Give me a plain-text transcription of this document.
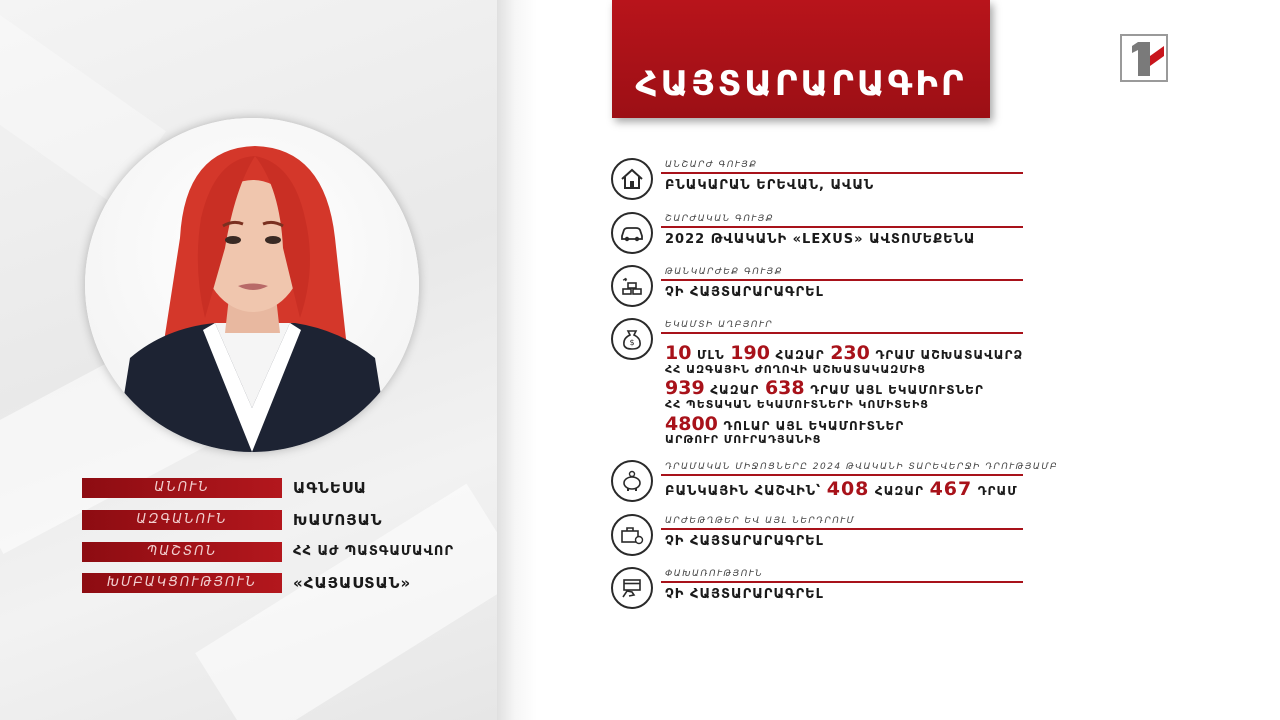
ՀԱՅՏԱՐԱՐԱԳԻՐ
ԱՆՈՒՆ	ԱԳՆԵՍԱ
ԱԶԳԱՆՈՒՆ	ԽԱՄՈՅԱՆ
ՊԱՇՏՈՆ	ՀՀ ԱԺ ՊԱՏԳԱՄԱՎՈՐ
ԽՄԲԱԿՑՈՒԹՅՈՒՆ	«ՀԱՅԱՍՏԱՆ»
ԱՆՇԱՐԺ ԳՈՒՅՔ
ԲՆԱԿԱՐԱՆ ԵՐԵՎԱՆ, ԱՎԱՆ
ՇԱՐԺԱԿԱՆ ԳՈՒՅՔ
2022 ԹՎԱԿԱՆԻ «LEXUS» ԱՎՏՈՄԵՔԵՆԱ
ԹԱՆԿԱՐԺԵՔ ԳՈՒՅՔ
ՉԻ ՀԱՅՏԱՐԱՐԱԳՐԵԼ
$
ԵԿԱՄՏԻ ԱՂԲՅՈՒՐ
10 ՄԼՆ 190 ՀԱԶԱՐ 230 ԴՐԱՄ ԱՇԽԱՏԱՎԱՐՁ
ՀՀ ԱԶԳԱՅԻՆ ԺՈՂՈՎԻ ԱՇԽԱՏԱԿԱԶՄԻՑ
939 ՀԱԶԱՐ 638 ԴՐԱՄ ԱՅԼ ԵԿԱՄՈՒՏՆԵՐ
ՀՀ ՊԵՏԱԿԱՆ ԵԿԱՄՈՒՏՆԵՐԻ ԿՈՄԻՏԵԻՑ
4800 ԴՈԼԱՐ ԱՅԼ ԵԿԱՄՈՒՏՆԵՐ
ԱՐԹՈՒՐ ՄՈՒՐԱԴՅԱՆԻՑ
ԴՐԱՄԱԿԱՆ ՄԻՋՈՑՆԵՐԸ 2024 ԹՎԱԿԱՆԻ ՏԱՐԵՎԵՐՋԻ ԴՐՈՒԹՅԱՄԲ
ԲԱՆԿԱՅԻՆ ՀԱՇՎԻՆ՝ 408 ՀԱԶԱՐ 467 ԴՐԱՄ
ԱՐԺԵԹՂԹԵՐ ԵՎ ԱՅԼ ՆԵՐԴՐՈՒՄ
ՉԻ ՀԱՅՏԱՐԱՐԱԳՐԵԼ
ՓԱԽԱՌՈՒԹՅՈՒՆ
ՉԻ ՀԱՅՏԱՐԱՐԱԳՐԵԼ
